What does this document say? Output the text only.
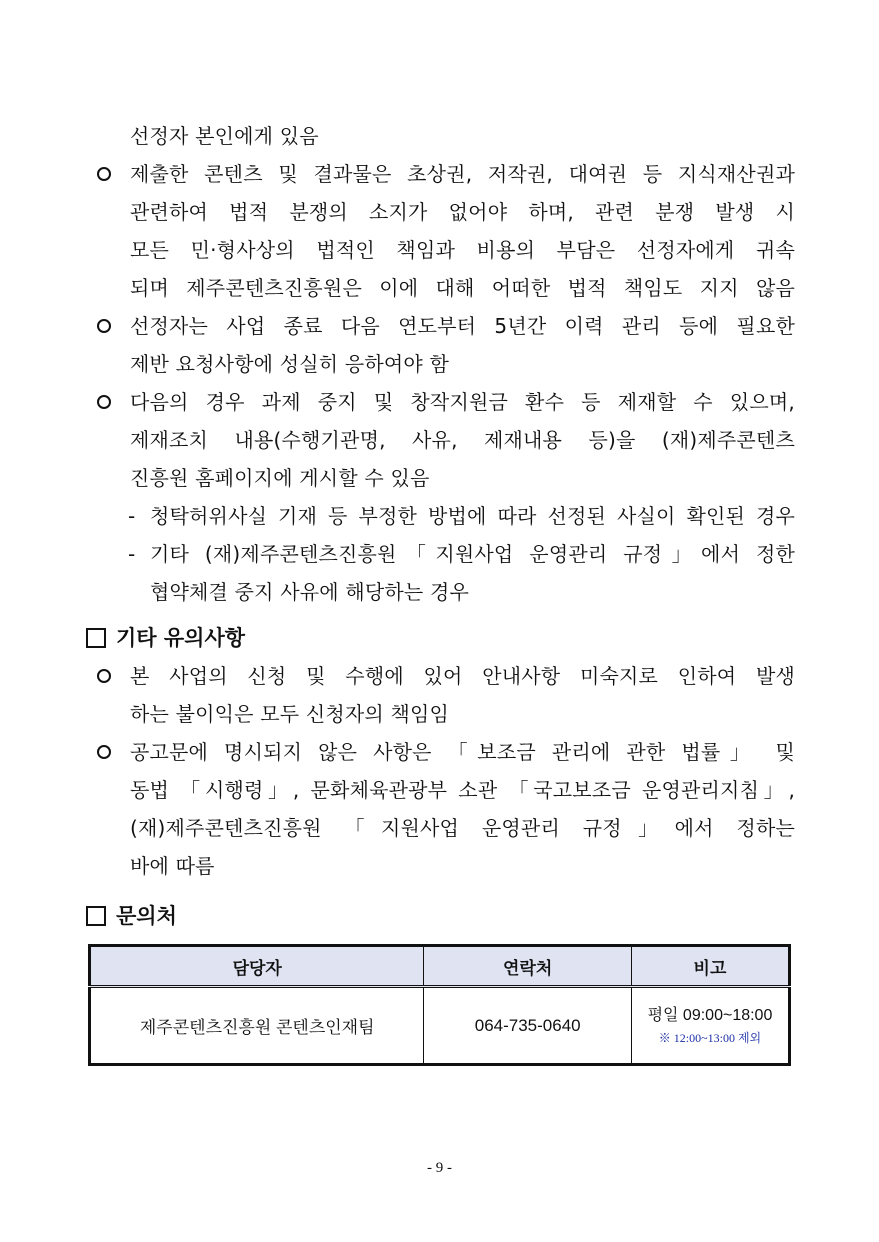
선정자 본인에게 있음
제출한 콘텐츠 및 결과물은 초상권, 저작권, 대여권 등 지식재산권과
관련하여 법적 분쟁의 소지가 없어야 하며, 관련 분쟁 발생 시
모든 민·형사상의 법적인 책임과 비용의 부담은 선정자에게 귀속
되며 제주콘텐츠진흥원은 이에 대해 어떠한 법적 책임도 지지 않음
선정자는 사업 종료 다음 연도부터 5년간 이력 관리 등에 필요한
제반 요청사항에 성실히 응하여야 함
다음의 경우 과제 중지 및 창작지원금 환수 등 제재할 수 있으며,
제재조치 내용(수행기관명, 사유, 제재내용 등)을 (재)제주콘텐츠
진흥원 홈페이지에 게시할 수 있음
- 청탁허위사실 기재 등 부정한 방법에 따라 선정된 사실이 확인된 경우
- 기타 (재)제주콘텐츠진흥원「지원사업 운영관리 규정」에서 정한
협약체결 중지 사유에 해당하는 경우
기타 유의사항
본 사업의 신청 및 수행에 있어 안내사항 미숙지로 인하여 발생
하는 불이익은 모두 신청자의 책임임
공고문에 명시되지 않은 사항은 「보조금 관리에 관한 법률」 및
동법 「시행령」, 문화체육관광부 소관 「국고보조금 운영관리지침」,
(재)제주콘텐츠진흥원 「지원사업 운영관리 규정」에서 정하는
바에 따름
문의처
담당자	연락처	비고
제주콘텐츠진흥원 콘텐츠인재팀	064-735-0640	평일 09:00~18:00
※ 12:00~13:00 제외
- 9 -
